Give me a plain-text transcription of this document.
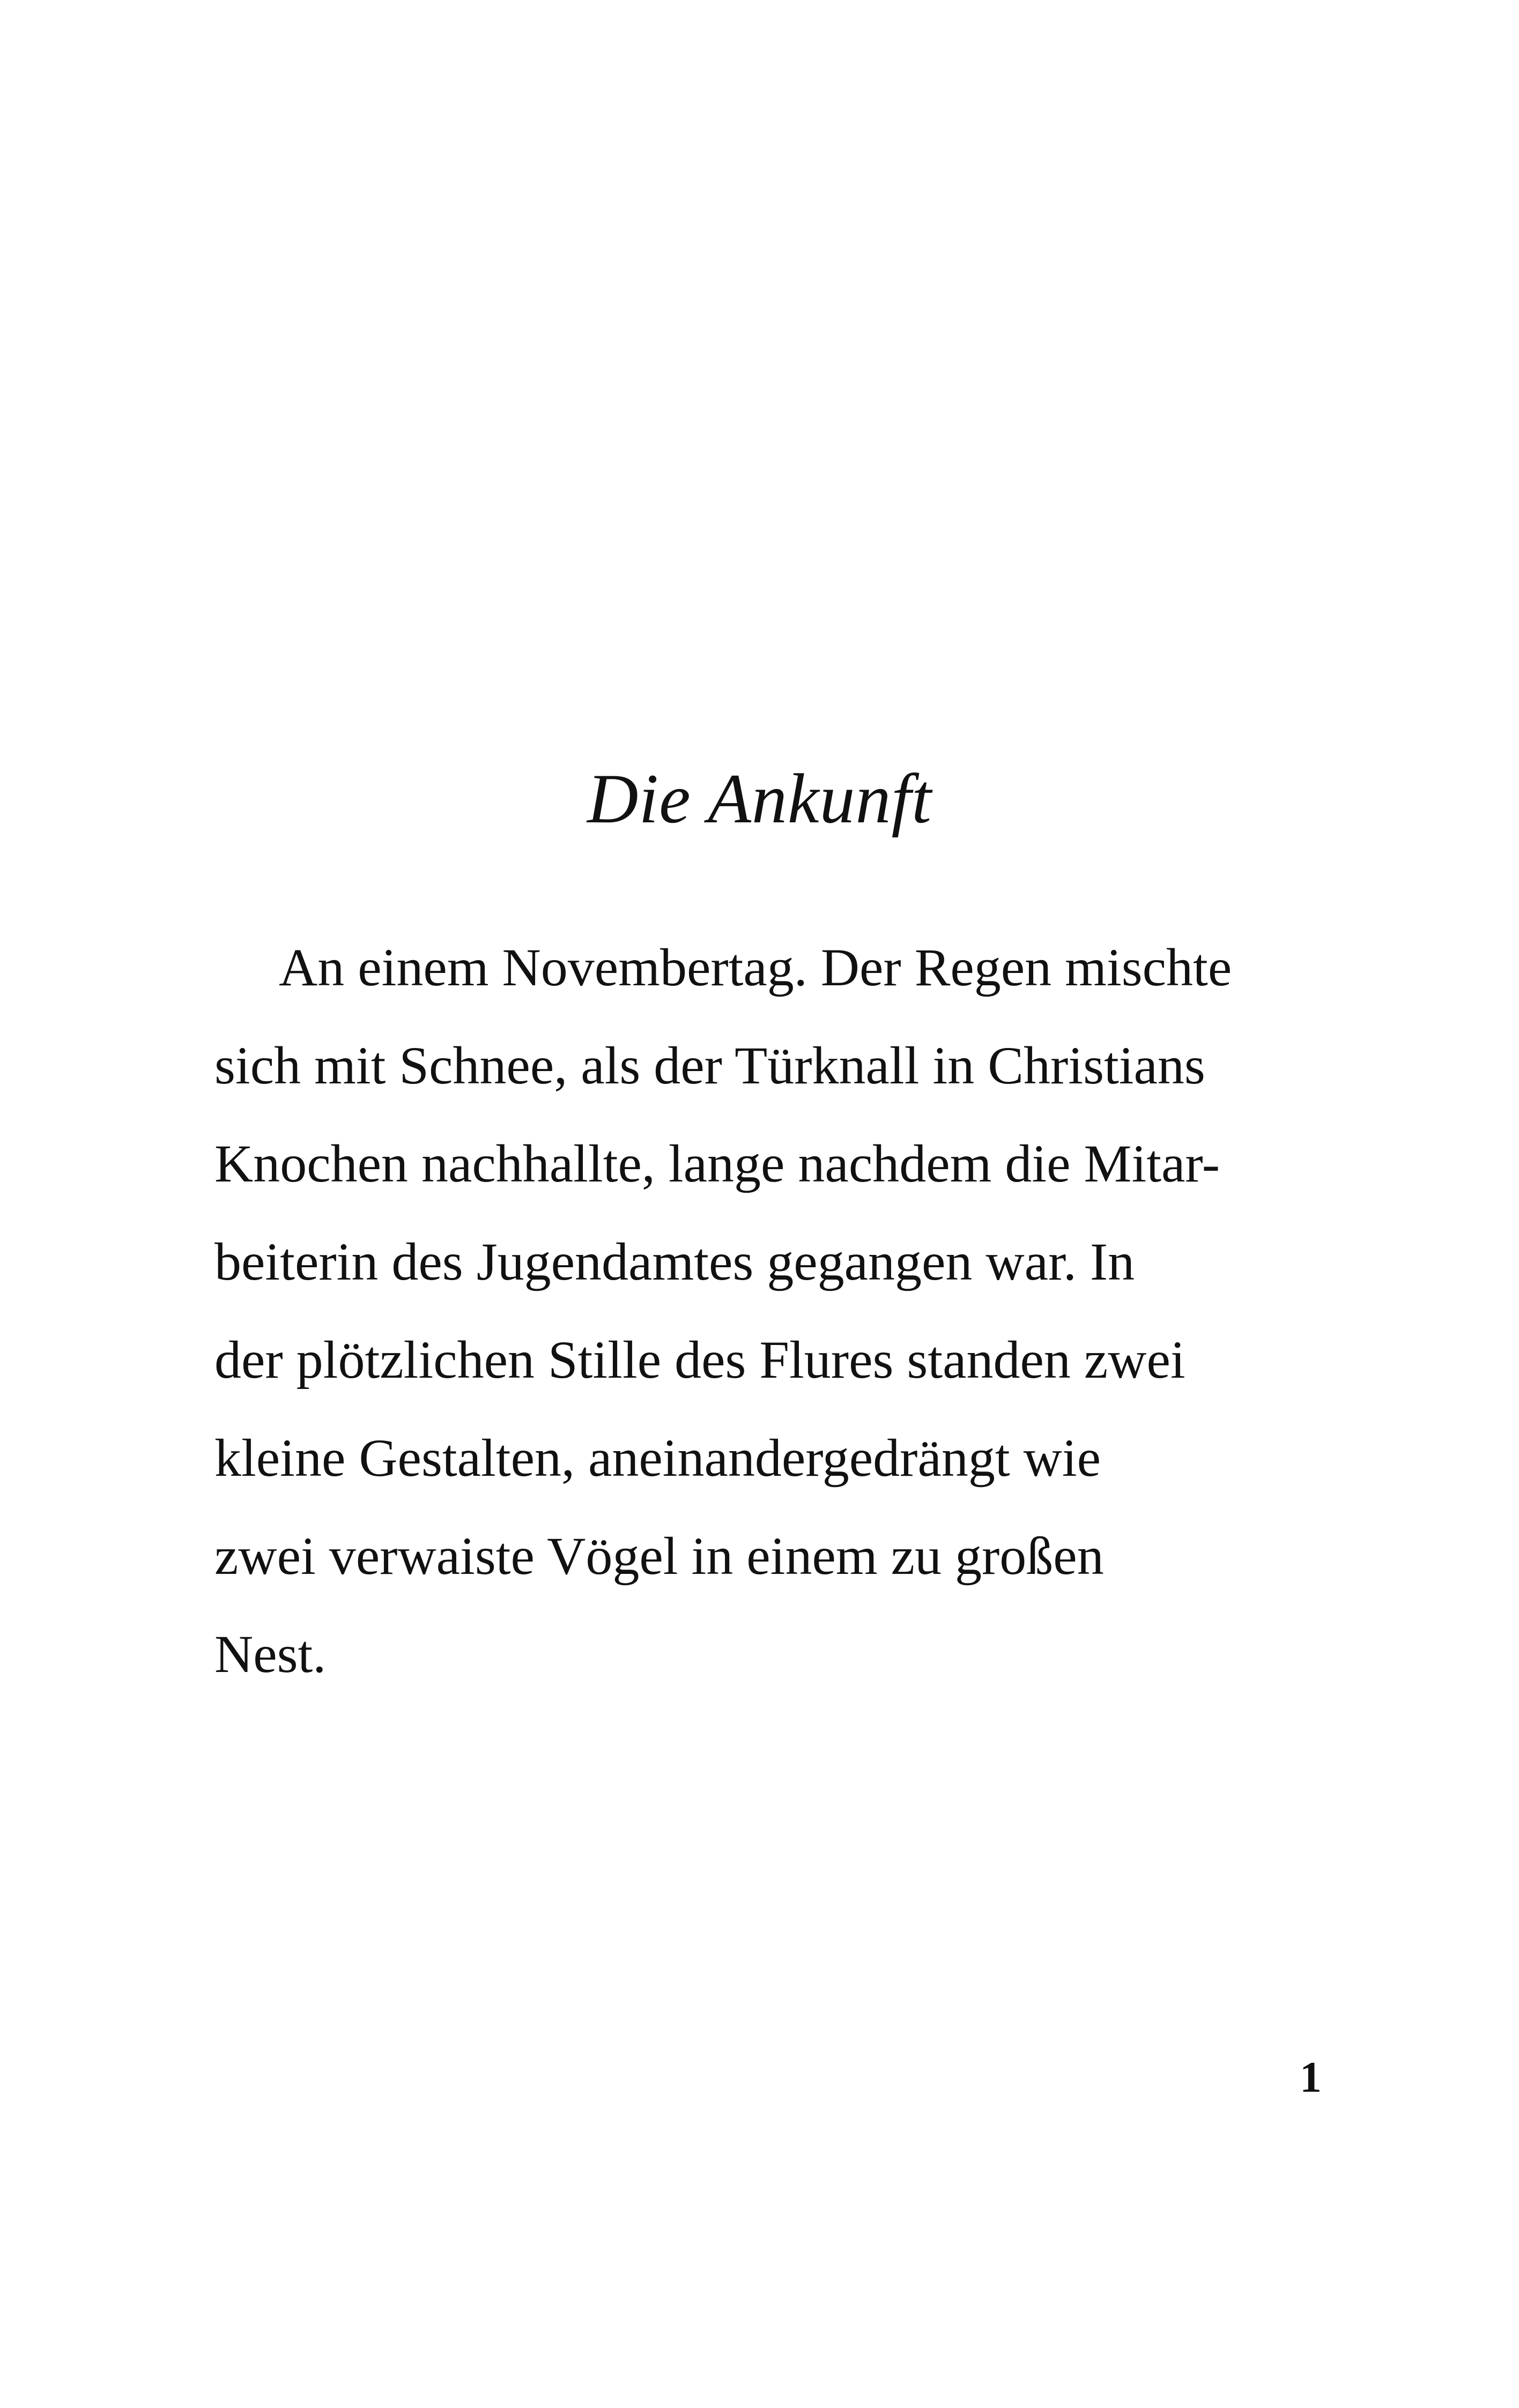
Die Ankunft
An einem Novembertag. Der Regen mischte
sich mit Schnee, als der Türknall in Christians
Knochen nachhallte, lange nachdem die Mitar-
beiterin des Jugendamtes gegangen war. In
der plötzlichen Stille des Flures standen zwei
kleine Gestalten, aneinandergedrängt wie
zwei verwaiste Vögel in einem zu großen
Nest.
1
